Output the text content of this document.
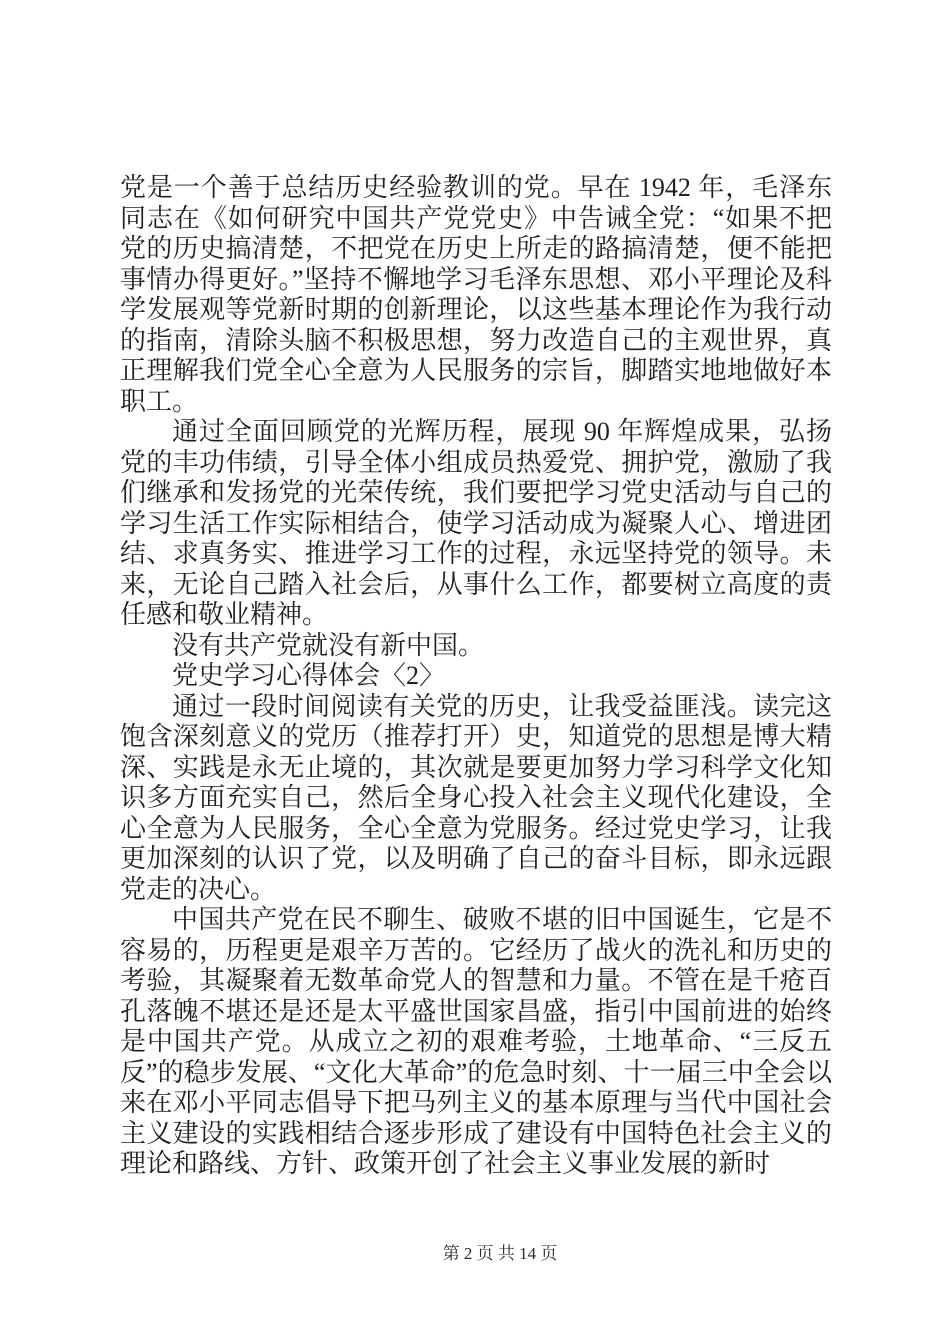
党是一个善于总结历史经验教训的党。早在 1942 年，毛泽东同志在《如何研究中国共产党党史》中告诫全党：“如果不把党的历史搞清楚，不把党在历史上所走的路搞清楚，便不能把事情办得更好。”坚持不懈地学习毛泽东思想、邓小平理论及科学发展观等党新时期的创新理论，以这些基本理论作为我行动的指南，清除头脑不积极思想，努力改造自己的主观世界，真正理解我们党全心全意为人民服务的宗旨，脚踏实地地做好本职工。

通过全面回顾党的光辉历程，展现 90 年辉煌成果，弘扬党的丰功伟绩，引导全体小组成员热爱党、拥护党，激励了我们继承和发扬党的光荣传统，我们要把学习党史活动与自己的学习生活工作实际相结合，使学习活动成为凝聚人心、增进团结、求真务实、推进学习工作的过程，永远坚持党的领导。未来，无论自己踏入社会后，从事什么工作，都要树立高度的责任感和敬业精神。

没有共产党就没有新中国。

党史学习心得体会〈2〉

通过一段时间阅读有关党的历史，让我受益匪浅。读完这饱含深刻意义的党历（推荐打开）史，知道党的思想是博大精深、实践是永无止境的，其次就是要更加努力学习科学文化知识多方面充实自己，然后全身心投入社会主义现代化建设，全心全意为人民服务，全心全意为党服务。经过党史学习，让我更加深刻的认识了党，以及明确了自己的奋斗目标，即永远跟党走的决心。

中国共产党在民不聊生、破败不堪的旧中国诞生，它是不容易的，历程更是艰辛万苦的。它经历了战火的洗礼和历史的考验，其凝聚着无数革命党人的智慧和力量。不管在是千疮百孔落魄不堪还是还是太平盛世国家昌盛，指引中国前进的始终是中国共产党。从成立之初的艰难考验，土地革命、“三反五反”的稳步发展、“文化大革命”的危急时刻、十一届三中全会以来在邓小平同志倡导下把马列主义的基本原理与当代中国社会主义建设的实践相结合逐步形成了建设有中国特色社会主义的理论和路线、方针、政策开创了社会主义事业发展的新时

第 2 页 共 14 页
